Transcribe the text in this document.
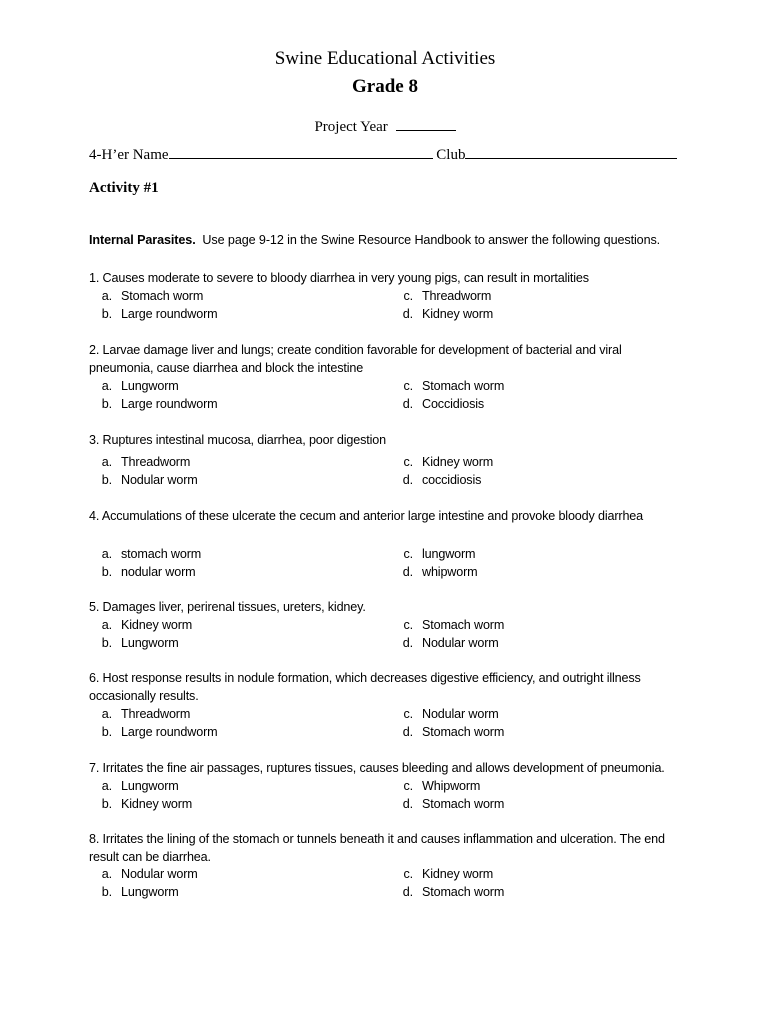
Swine Educational Activities
Grade 8
Project Year
4-H’er Name	Club
Activity #1
Internal Parasites. Use page 9-12 in the Swine Resource Handbook to answer the following questions.
1. Causes moderate to severe to bloody diarrhea in very young pigs, can result in mortalities
a. Stomach worm
b. Large roundworm
c. Threadworm
d. Kidney worm
2. Larvae damage liver and lungs; create condition favorable for development of bacterial and viral pneumonia, cause diarrhea and block the intestine
a. Lungworm
b. Large roundworm
c. Stomach worm
d. Coccidiosis
3. Ruptures intestinal mucosa, diarrhea, poor digestion
a. Threadworm
b. Nodular worm
c. Kidney worm
d. coccidiosis
4. Accumulations of these ulcerate the cecum and anterior large intestine and provoke bloody diarrhea
a. stomach worm
b. nodular worm
c. lungworm
d. whipworm
5. Damages liver, perirenal tissues, ureters, kidney.
a. Kidney worm
b. Lungworm
c. Stomach worm
d. Nodular worm
6. Host response results in nodule formation, which decreases digestive efficiency, and outright illness occasionally results.
a. Threadworm
b. Large roundworm
c. Nodular worm
d. Stomach worm
7. Irritates the fine air passages, ruptures tissues, causes bleeding and allows development of pneumonia.
a. Lungworm
b. Kidney worm
c. Whipworm
d. Stomach worm
8. Irritates the lining of the stomach or tunnels beneath it and causes inflammation and ulceration. The end result can be diarrhea.
a. Nodular worm
b. Lungworm
c. Kidney worm
d. Stomach worm
